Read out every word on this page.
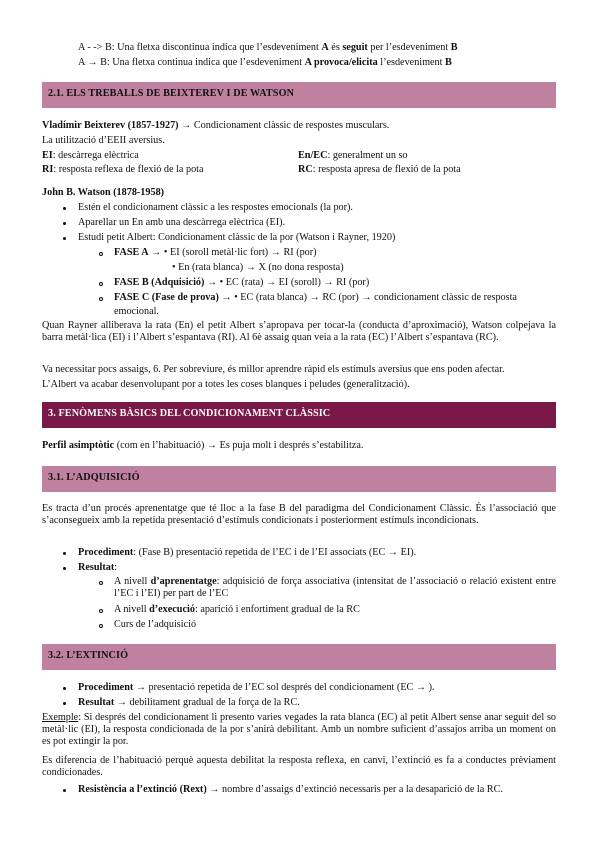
A - -> B: Una fletxa discontinua indica que l’esdeveniment A és seguit per l’esdeveniment B
A → B: Una fletxa continua indica que l’esdeveniment A provoca/elicita l’esdeveniment B
2.1. ELS TREBALLS DE BEIXTEREV I DE WATSON
Vladímir Beixterev (1857-1927) → Condicionament clàssic de respostes musculars.
La utilització d’EEII aversius.
EI: descàrrega elèctrica	En/EC: generalment un so
RI: resposta reflexa de flexió de la pota	RC: resposta apresa de flexió de la pota
John B. Watson (1878-1958)
Estén el condicionament clàssic a les respostes emocionals (la por).
Aparellar un En amb una descàrrega elèctrica (EI).
Estudi petit Albert: Condicionament clàssic de la por (Watson i Rayner, 1920)
FASE A → • EI (soroll metàl·lic fort) → RI (por)
• En (rata blanca) → X (no dona resposta)
FASE B (Adquisició) → • EC (rata) → EI (soroll) → RI (por)
FASE C (Fase de prova) → • EC (rata blanca) → RC (por) → condicionament clàssic de resposta
emocional.
Quan Rayner alliberava la rata (En) el petit Albert s’apropava per tocar-la (conducta d’aproximació), Watson colpejava la barra metàl·lica (EI) i l’Albert s’espantava (RI). Al 6è assaig quan veia a la rata (EC) l’Albert s’espantava (RC).
Va necessitar pocs assaigs, 6. Per sobreviure, és millor aprendre ràpid els estímuls aversius que ens poden afectar.
L’Albert va acabar desenvolupant por a totes les coses blanques i peludes (generalització).
3. FENÒMENS BÀSICS DEL CONDICIONAMENT CLÀSSIC
Perfil asimptòtic (com en l’habituació) → Es puja molt i després s’estabilitza.
3.1. L’ADQUISICIÓ
Es tracta d’un procés aprenentatge que té lloc a la fase B del paradigma del Condicionament Clàssic. És l’associació que s’aconsegueix amb la repetida presentació d’estímuls condicionats i posteriorment estímuls incondicionats.
Procediment: (Fase B) presentació repetida de l’EC i de l’EI associats (EC → EI).
Resultat:
A nivell d’aprenentatge: adquisició de força associativa (intensitat de l’associació o relació existent entre l’EC i l’EI) per part de l’EC
A nivell d’execució: aparició i enfortiment gradual de la RC
Curs de l’adquisició
3.2. L’EXTINCIÓ
Procediment → presentació repetida de l’EC sol després del condicionament (EC → ).
Resultat → debilitament gradual de la força de la RC.
Exemple: Si després del condicionament li presento varies vegades la rata blanca (EC) al petit Albert sense anar seguit del so metàl·lic (EI), la resposta condicionada de la por s’anirà debilitant. Amb un nombre suficient d’assajos arriba un moment on es pot extingir la por.
Es diferencia de l’habituació perquè aquesta debilitat la resposta reflexa, en canvi, l’extinció es fa a conductes prèviament condicionades.
Resistència a l’extinció (Rext) → nombre d’assaigs d’extinció necessaris per a la desaparició de la RC.
